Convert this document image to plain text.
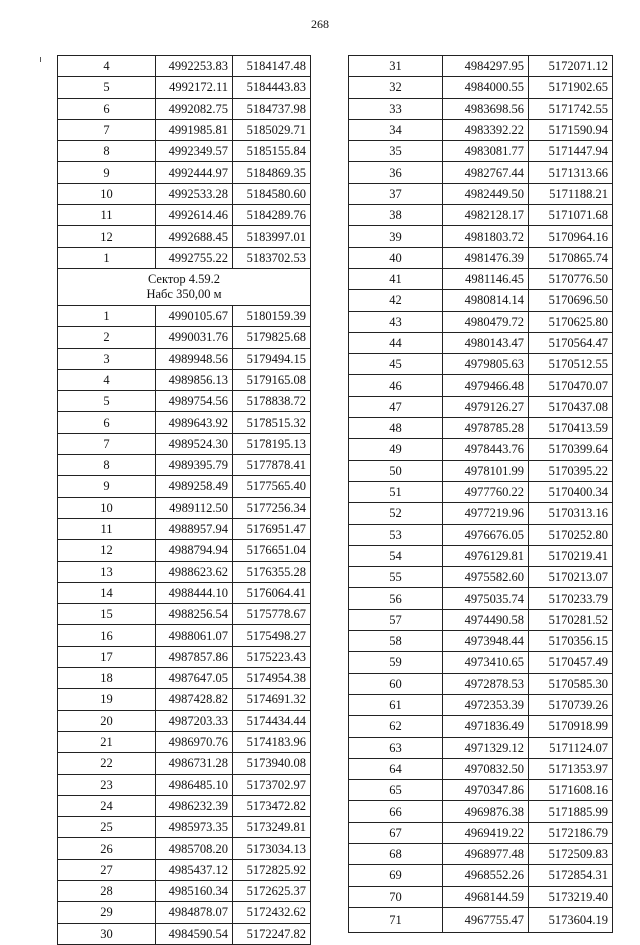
268
4	4992253.83	5184147.48
5	4992172.11	5184443.83
6	4992082.75	5184737.98
7	4991985.81	5185029.71
8	4992349.57	5185155.84
9	4992444.97	5184869.35
10	4992533.28	5184580.60
11	4992614.46	5184289.76
12	4992688.45	5183997.01
1	4992755.22	5183702.53
Сектор 4.59.2
Набс 350,00 м		
1	4990105.67	5180159.39
2	4990031.76	5179825.68
3	4989948.56	5179494.15
4	4989856.13	5179165.08
5	4989754.56	5178838.72
6	4989643.92	5178515.32
7	4989524.30	5178195.13
8	4989395.79	5177878.41
9	4989258.49	5177565.40
10	4989112.50	5177256.34
11	4988957.94	5176951.47
12	4988794.94	5176651.04
13	4988623.62	5176355.28
14	4988444.10	5176064.41
15	4988256.54	5175778.67
16	4988061.07	5175498.27
17	4987857.86	5175223.43
18	4987647.05	5174954.38
19	4987428.82	5174691.32
20	4987203.33	5174434.44
21	4986970.76	5174183.96
22	4986731.28	5173940.08
23	4986485.10	5173702.97
24	4986232.39	5173472.82
25	4985973.35	5173249.81
26	4985708.20	5173034.13
27	4985437.12	5172825.92
28	4985160.34	5172625.37
29	4984878.07	5172432.62
30	4984590.54	5172247.82
31	4984297.95	5172071.12
32	4984000.55	5171902.65
33	4983698.56	5171742.55
34	4983392.22	5171590.94
35	4983081.77	5171447.94
36	4982767.44	5171313.66
37	4982449.50	5171188.21
38	4982128.17	5171071.68
39	4981803.72	5170964.16
40	4981476.39	5170865.74
41	4981146.45	5170776.50
42	4980814.14	5170696.50
43	4980479.72	5170625.80
44	4980143.47	5170564.47
45	4979805.63	5170512.55
46	4979466.48	5170470.07
47	4979126.27	5170437.08
48	4978785.28	5170413.59
49	4978443.76	5170399.64
50	4978101.99	5170395.22
51	4977760.22	5170400.34
52	4977219.96	5170313.16
53	4976676.05	5170252.80
54	4976129.81	5170219.41
55	4975582.60	5170213.07
56	4975035.74	5170233.79
57	4974490.58	5170281.52
58	4973948.44	5170356.15
59	4973410.65	5170457.49
60	4972878.53	5170585.30
61	4972353.39	5170739.26
62	4971836.49	5170918.99
63	4971329.12	5171124.07
64	4970832.50	5171353.97
65	4970347.86	5171608.16
66	4969876.38	5171885.99
67	4969419.22	5172186.79
68	4968977.48	5172509.83
69	4968552.26	5172854.31
70	4968144.59	5173219.40
71	4967755.47	5173604.19
